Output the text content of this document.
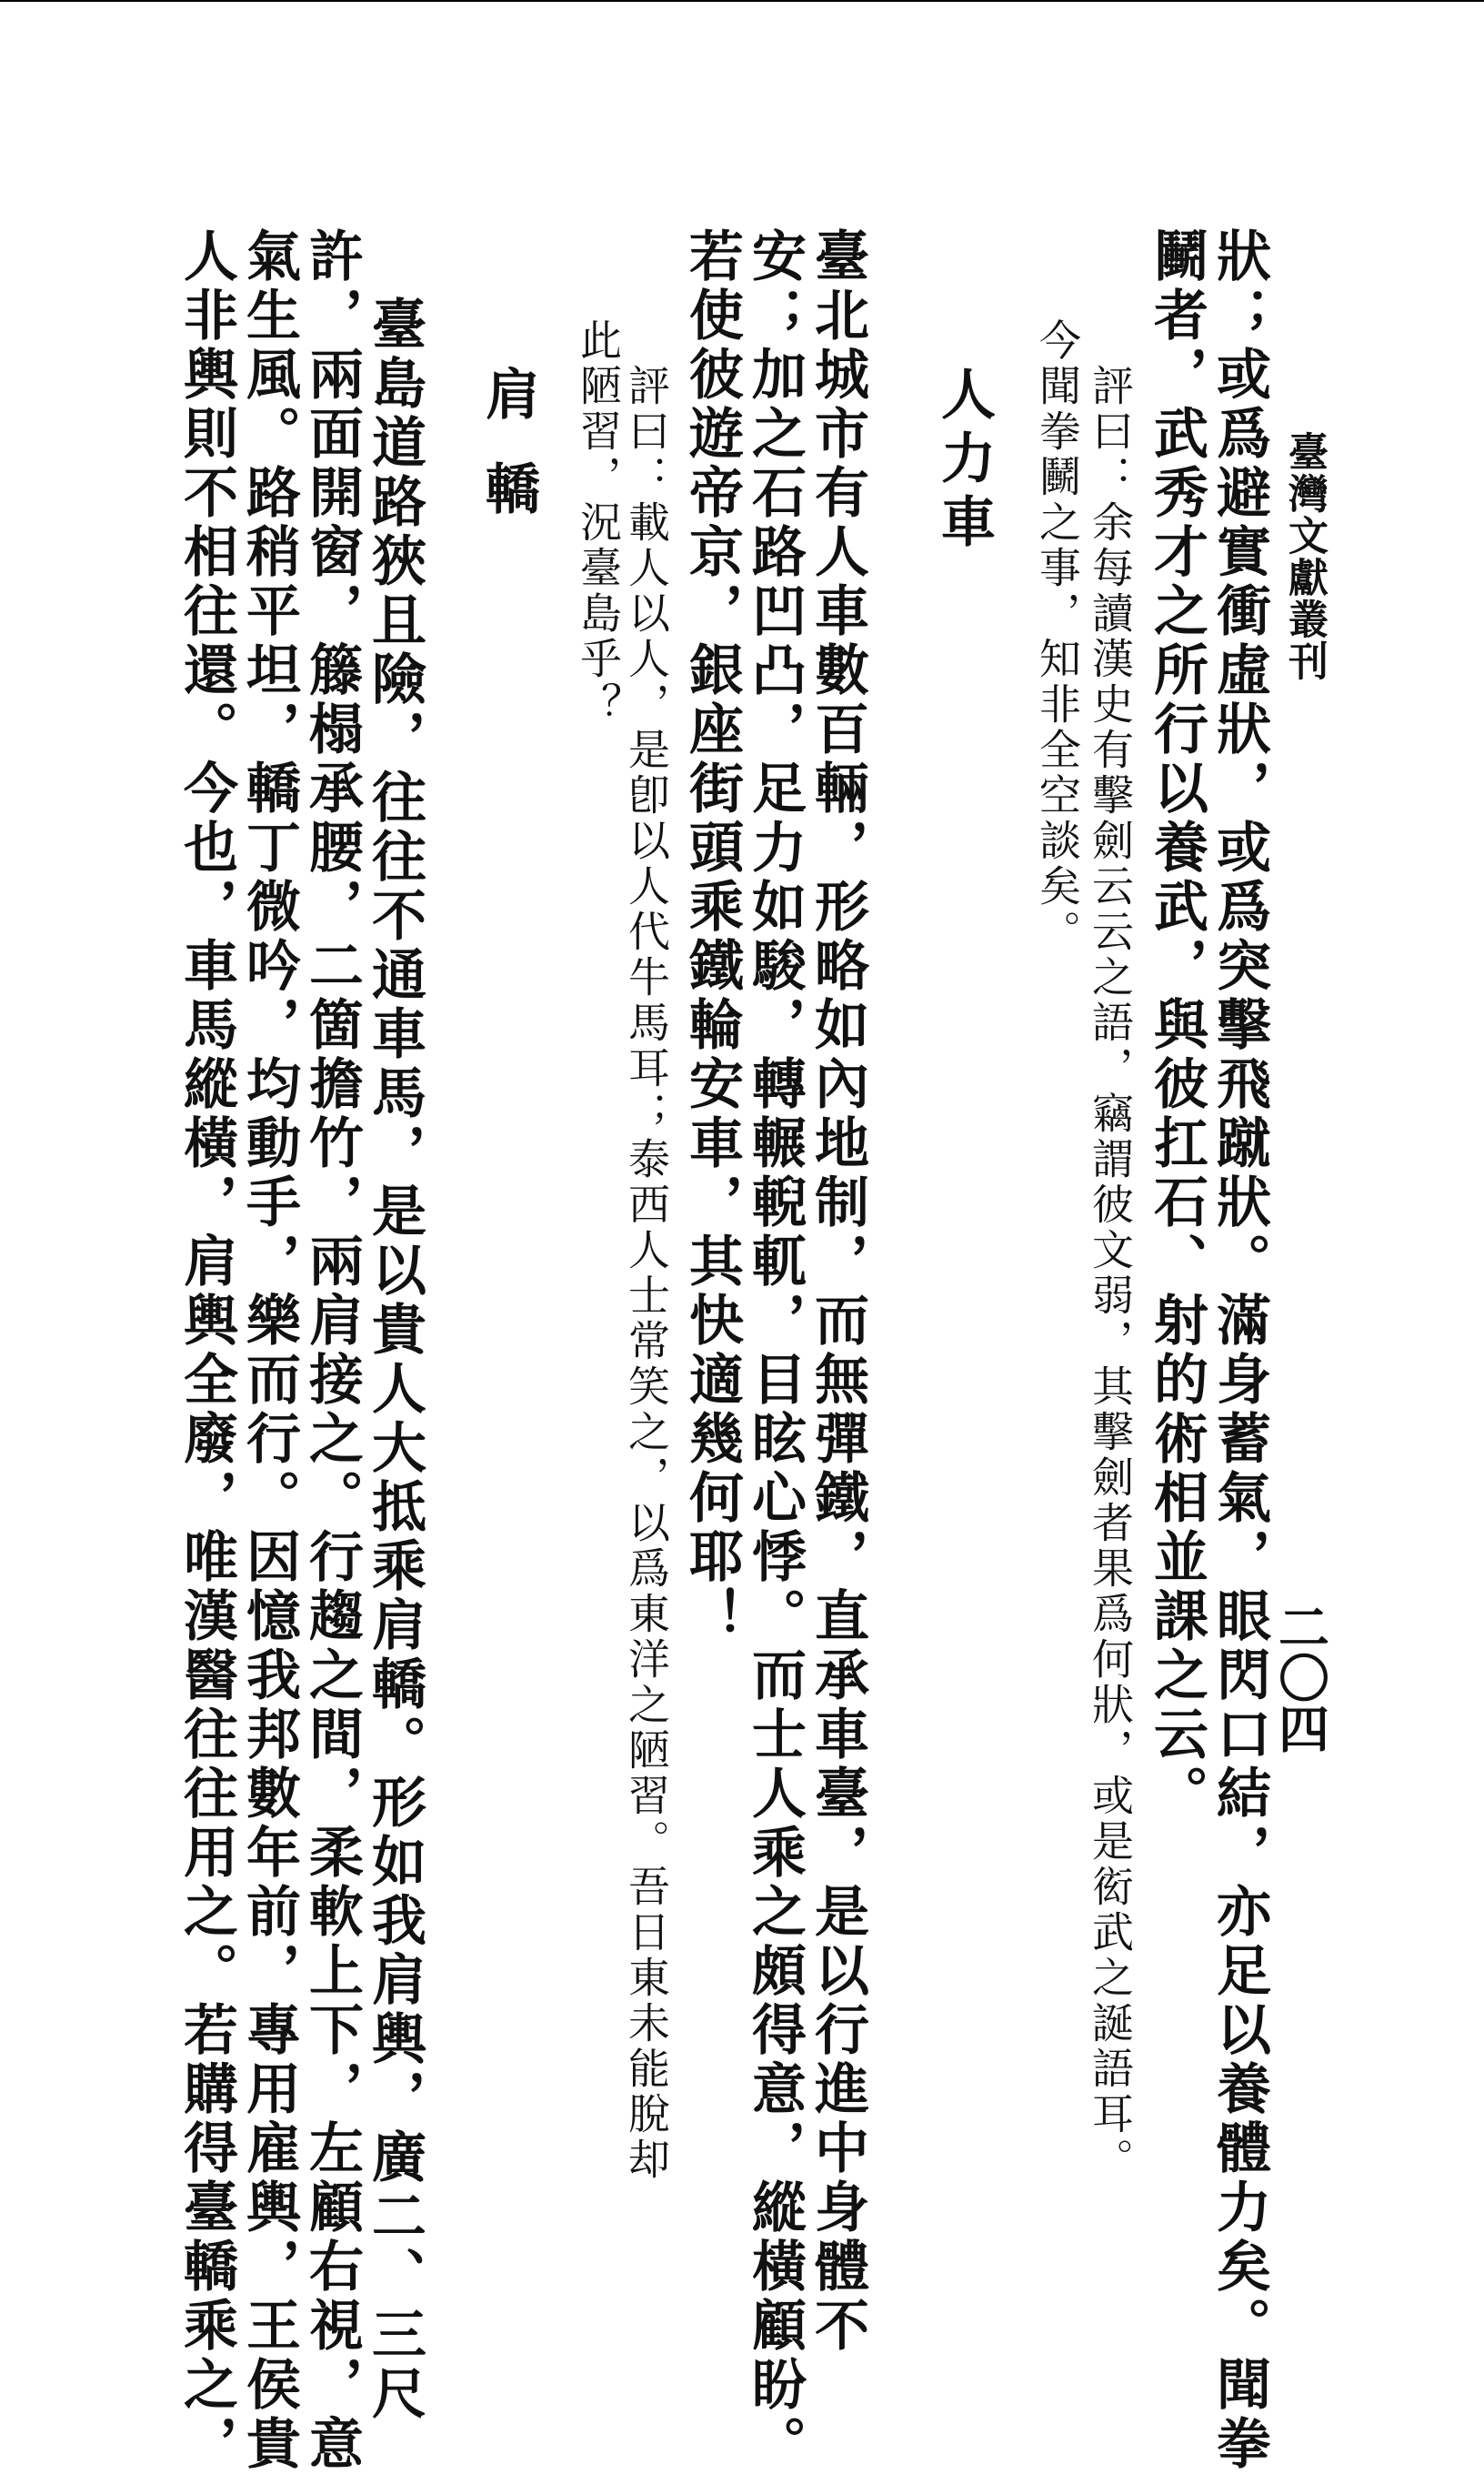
臺灣文獻叢刊
二〇四
狀；或爲避實衝虛狀，或爲突擊飛蹴狀。滿身蓄氣，眼閃口結，亦足以養體力矣。聞拳
鬭者，武秀才之所行以養武，與彼扛石、射的術相並課之云。
評曰：余每讀漢史有擊劍云云之語，竊謂彼文弱，其擊劍者果爲何狀，或是衒武之誕語耳。
今聞拳鬭之事，知非全空談矣。
人力車
臺北城市有人車數百輛，形略如內地制，而無彈鐵，直承車臺，是以行進中身體不
安；加之石路凹凸，足力如駿，轉輾輗軏，目眩心悸。而士人乘之頗得意，縱橫顧盼。
若使彼遊帝京，銀座街頭乘鐵輪安車，其快適幾何耶！
評曰：載人以人，是卽以人代牛馬耳；泰西人士常笑之，以爲東洋之陋習。吾日東未能脫却
此陋習，況臺島乎？
肩轎
臺島道路狹且險，往往不通車馬，是以貴人大抵乘肩轎。形如我肩輿，廣二、三尺
許，兩面開窗，籐榻承腰，二箇擔竹，兩肩接之。行趨之間，柔軟上下，左顧右視，意
氣生風。路稍平坦，轎丁微吟，均動手，樂而行。因憶我邦數年前，專用雇輿，王侯貴
人非輿則不相往還。今也，車馬縱橫，肩輿全廢，唯漢醫往往用之。若購得臺轎乘之，
